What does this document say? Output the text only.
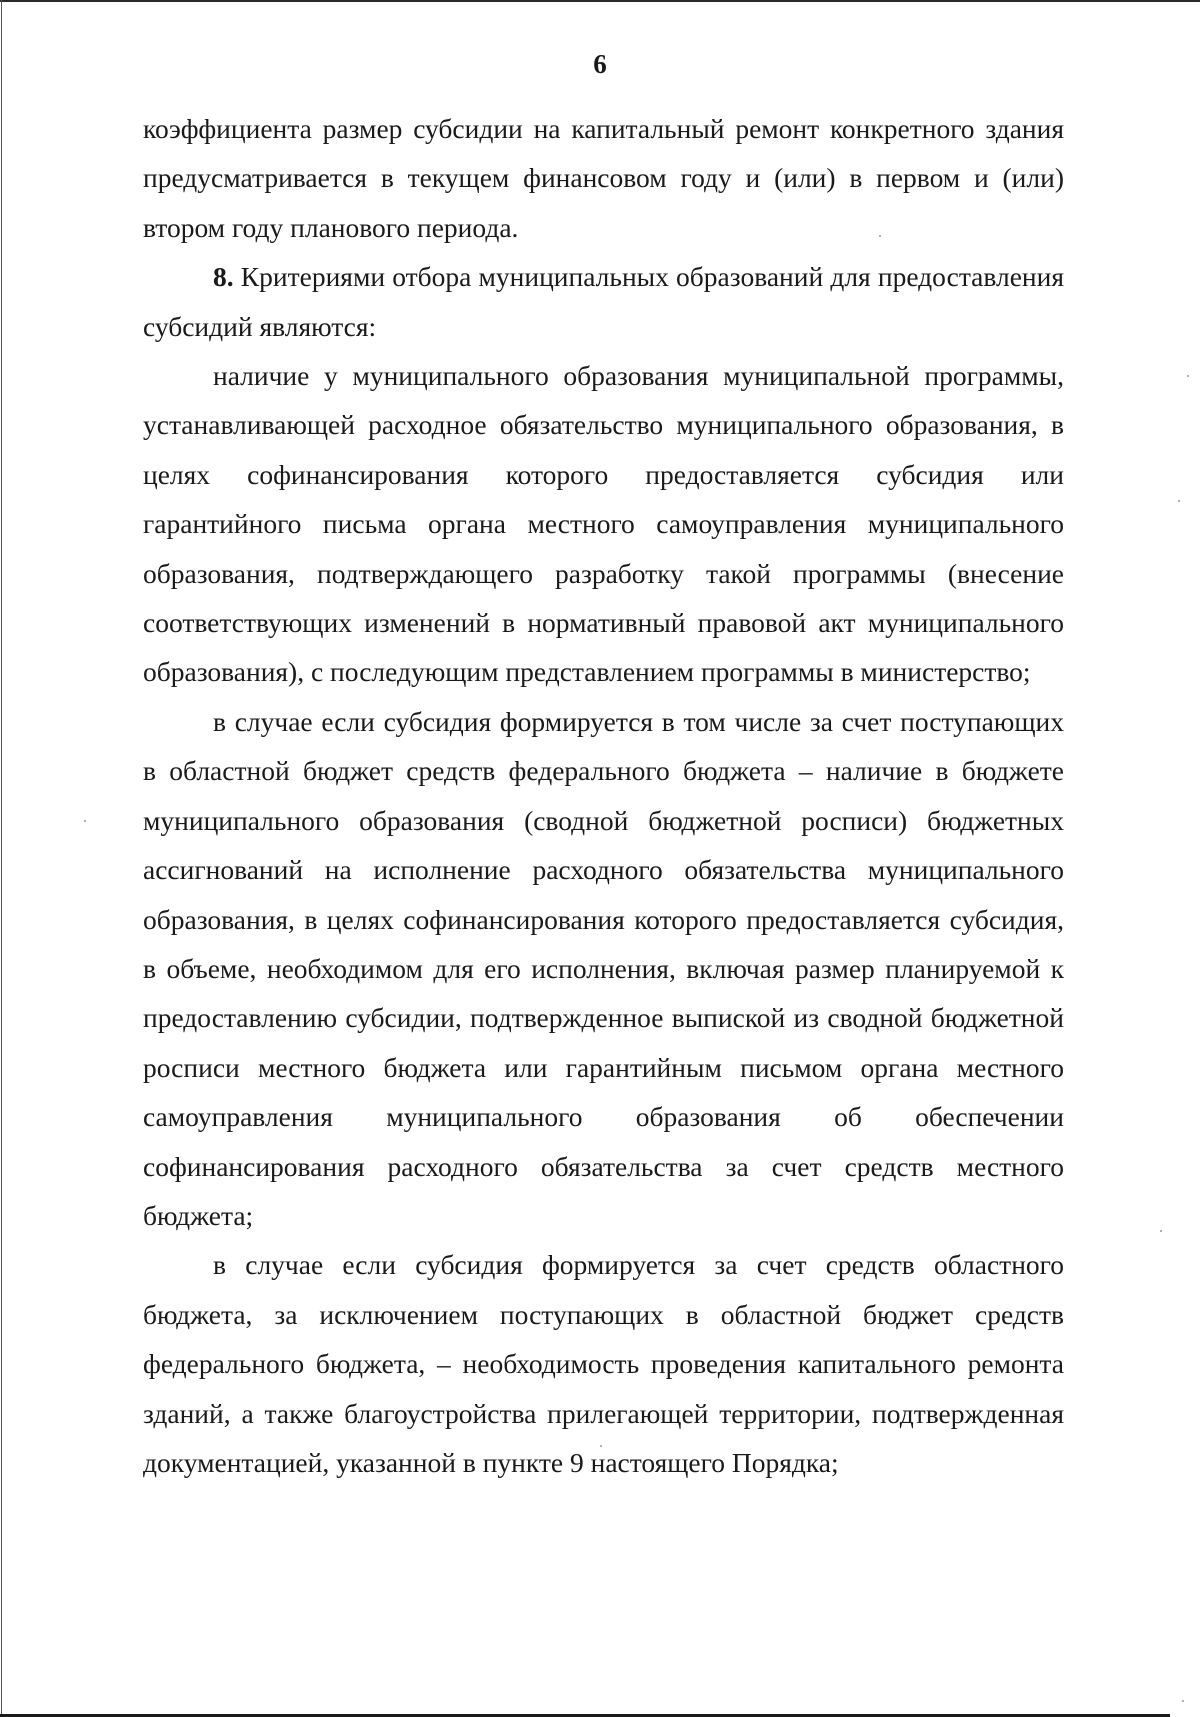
6

коэффициента размер субсидии на капитальный ремонт конкретного здания предусматривается в текущем финансовом году и (или) в первом и (или) втором году планового периода.

8. Критериями отбора муниципальных образований для предоставления субсидий являются:

наличие у муниципального образования муниципальной программы, устанавливающей расходное обязательство муниципального образования, в целях софинансирования которого предоставляется субсидия или гарантийного письма органа местного самоуправления муниципального образования, подтверждающего разработку такой программы (внесение соответствующих изменений в нормативный правовой акт муниципального образования), с последующим представлением программы в министерство;

в случае если субсидия формируется в том числе за счет поступающих в областной бюджет средств федерального бюджета – наличие в бюджете муниципального образования (сводной бюджетной росписи) бюджетных ассигнований на исполнение расходного обязательства муниципального образования, в целях софинансирования которого предоставляется субсидия, в объеме, необходимом для его исполнения, включая размер планируемой к предоставлению субсидии, подтвержденное выпиской из сводной бюджетной росписи местного бюджета или гарантийным письмом органа местного самоуправления муниципального образования об обеспечении софинансирования расходного обязательства за счет средств местного бюджета;

в случае если субсидия формируется за счет средств областного бюджета, за исключением поступающих в областной бюджет средств федерального бюджета, – необходимость проведения капитального ремонта зданий, а также благоустройства прилегающей территории, подтвержденная документацией, указанной в пункте 9 настоящего Порядка;
